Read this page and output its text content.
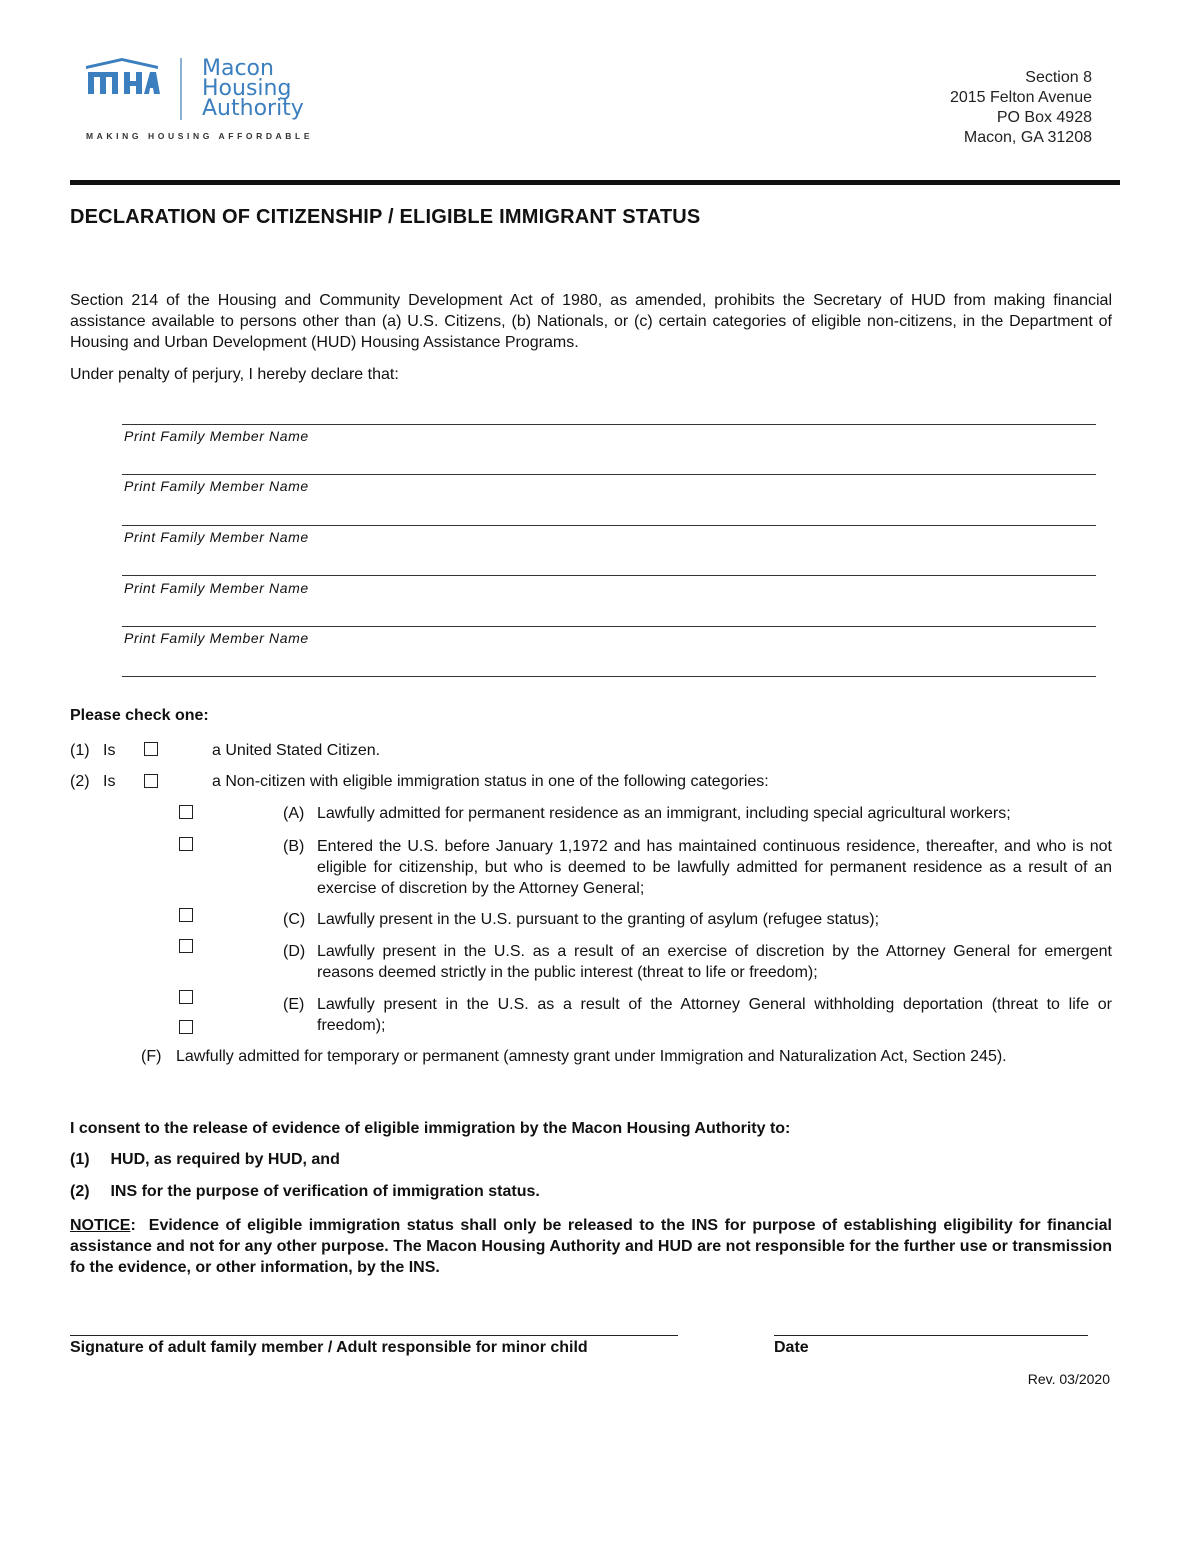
Macon
Housing
Authority
MAKING HOUSING AFFORDABLE
Section 8
2015 Felton Avenue
PO Box 4928
Macon, GA 31208
DECLARATION OF CITIZENSHIP / ELIGIBLE IMMIGRANT STATUS
Section 214 of the Housing and Community Development Act of 1980, as amended, prohibits the Secretary of HUD from making financial assistance available to persons other than (a) U.S. Citizens, (b) Nationals, or (c) certain categories of eligible non-citizens, in the Department of Housing and Urban Development (HUD) Housing Assistance Programs.
Under penalty of perjury, I hereby declare that:
Print Family Member Name
Print Family Member Name
Print Family Member Name
Print Family Member Name
Print Family Member Name
Please check one:
(1) Is	a United Stated Citizen.
(2) Is	a Non-citizen with eligible immigration status in one of the following categories:
(A) Lawfully admitted for permanent residence as an immigrant, including special agricultural workers;
(B) Entered the U.S. before January 1,1972 and has maintained continuous residence, thereafter, and who is not eligible for citizenship, but who is deemed to be lawfully admitted for permanent residence as a result of an exercise of discretion by the Attorney General;
(C) Lawfully present in the U.S. pursuant to the granting of asylum (refugee status);
(D) Lawfully present in the U.S. as a result of an exercise of discretion by the Attorney General for emergent reasons deemed strictly in the public interest (threat to life or freedom);
(E) Lawfully present in the U.S. as a result of the Attorney General withholding deportation (threat to life or freedom);
(F) Lawfully admitted for temporary or permanent (amnesty grant under Immigration and Naturalization Act, Section 245).
I consent to the release of evidence of eligible immigration by the Macon Housing Authority to:
(1) HUD, as required by HUD, and
(2) INS for the purpose of verification of immigration status.
NOTICE: Evidence of eligible immigration status shall only be released to the INS for purpose of establishing eligibility for financial assistance and not for any other purpose. The Macon Housing Authority and HUD are not responsible for the further use or transmission fo the evidence, or other information, by the INS.
Signature of adult family member / Adult responsible for minor child	Date
Rev. 03/2020
